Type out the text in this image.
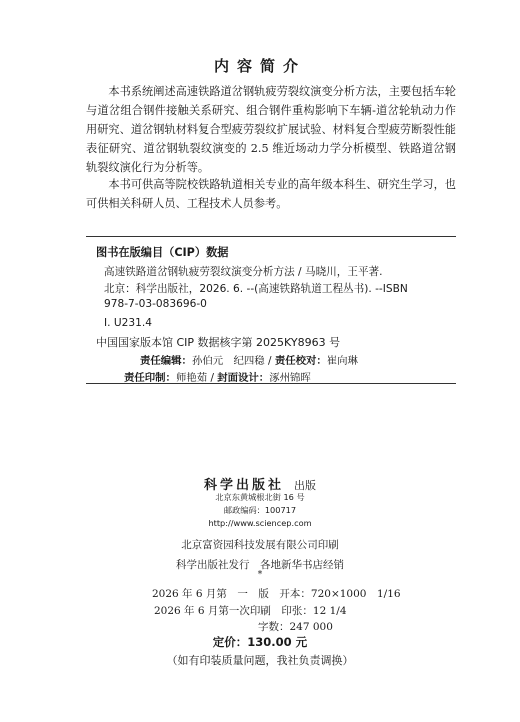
内容简介
本书系统阐述高速铁路道岔钢轨疲劳裂纹演变分析方法，主要包括车轮与道岔组合钢件接触关系研究、组合钢件重构影响下车辆-道岔轮轨动力作用研究、道岔钢轨材料复合型疲劳裂纹扩展试验、材料复合型疲劳断裂性能表征研究、道岔钢轨裂纹演变的 2.5 维近场动力学分析模型、铁路道岔钢轨裂纹演化行为分析等。
本书可供高等院校铁路轨道相关专业的高年级本科生、研究生学习，也可供相关科研人员、工程技术人员参考。
图书在版编目（CIP）数据
高速铁路道岔钢轨疲劳裂纹演变分析方法 / 马晓川，王平著.
北京：科学出版社，2026. 6. --(高速铁路轨道工程丛书). --ISBN
978-7-03-083696-0
Ⅰ. U231.4
中国国家版本馆 CIP 数据核字第 2025KY8963 号
责任编辑：孙伯元　纪四稳 / 责任校对：崔向琳
责任印制：师艳茹 / 封面设计：涿州锦晖
科学出版社 出版
北京东黄城根北街 16 号
邮政编码：100717
http://www.sciencep.com
北京富资园科技发展有限公司印刷
科学出版社发行　各地新华书店经销
*
2026 年 6 月第　一　版　开本：720×1000　1/16
2026 年 6 月第一次印刷　印张：12 1/4
字数：247 000
定价：130.00 元
（如有印装质量问题，我社负责调换）
